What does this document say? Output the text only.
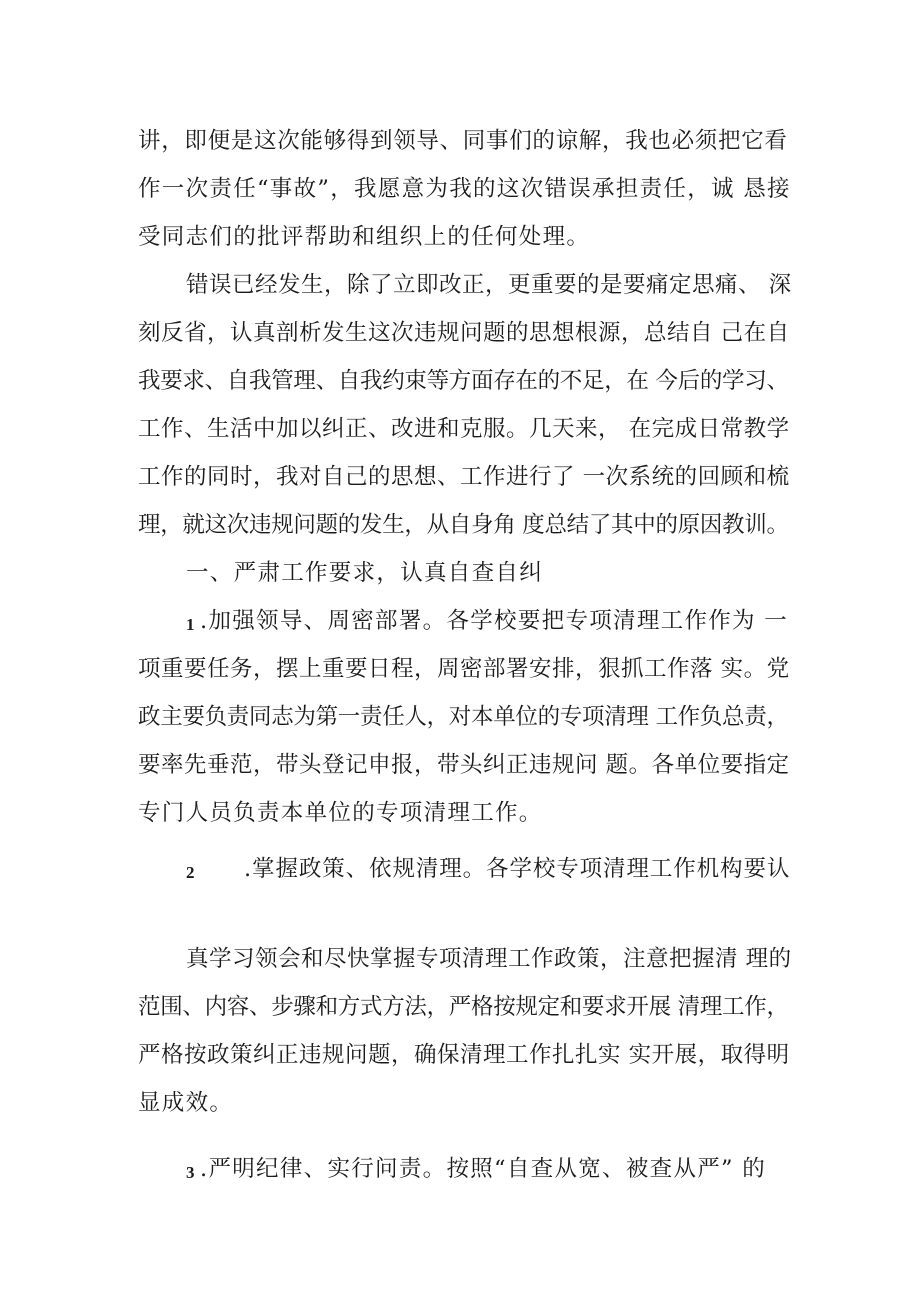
讲，即便是这次能够得到领导、同事们的谅解，我也必须把它看
作一次责任“事故”，我愿意为我的这次错误承担责任，诚 恳接
受同志们的批评帮助和组织上的任何处理。
错误已经发生，除了立即改正，更重要的是要痛定思痛、 深
刻反省，认真剖析发生这次违规问题的思想根源，总结自 己在自
我要求、自我管理、自我约束等方面存在的不足，在 今后的学习、
工作、生活中加以纠正、改进和克服。几天来， 在完成日常教学
工作的同时，我对自己的思想、工作进行了 一次系统的回顾和梳
理，就这次违规问题的发生，从自身角 度总结了其中的原因教训。
一、严肃工作要求，认真自查自纠
1 .加强领导、周密部署。各学校要把专项清理工作作为 一
项重要任务，摆上重要日程，周密部署安排，狠抓工作落 实。党
政主要负责同志为第一责任人，对本单位的专项清理 工作负总责，
要率先垂范，带头登记申报，带头纠正违规问 题。各单位要指定
专门人员负责本单位的专项清理工作。
2 .掌握政策、依规清理。各学校专项清理工作机构要认
真学习领会和尽快掌握专项清理工作政策，注意把握清 理的
范围、内容、步骤和方式方法，严格按规定和要求开展 清理工作，
严格按政策纠正违规问题，确保清理工作扎扎实 实开展，取得明
显成效。
3 .严明纪律、实行问责。按照“自查从宽、被查从严” 的
